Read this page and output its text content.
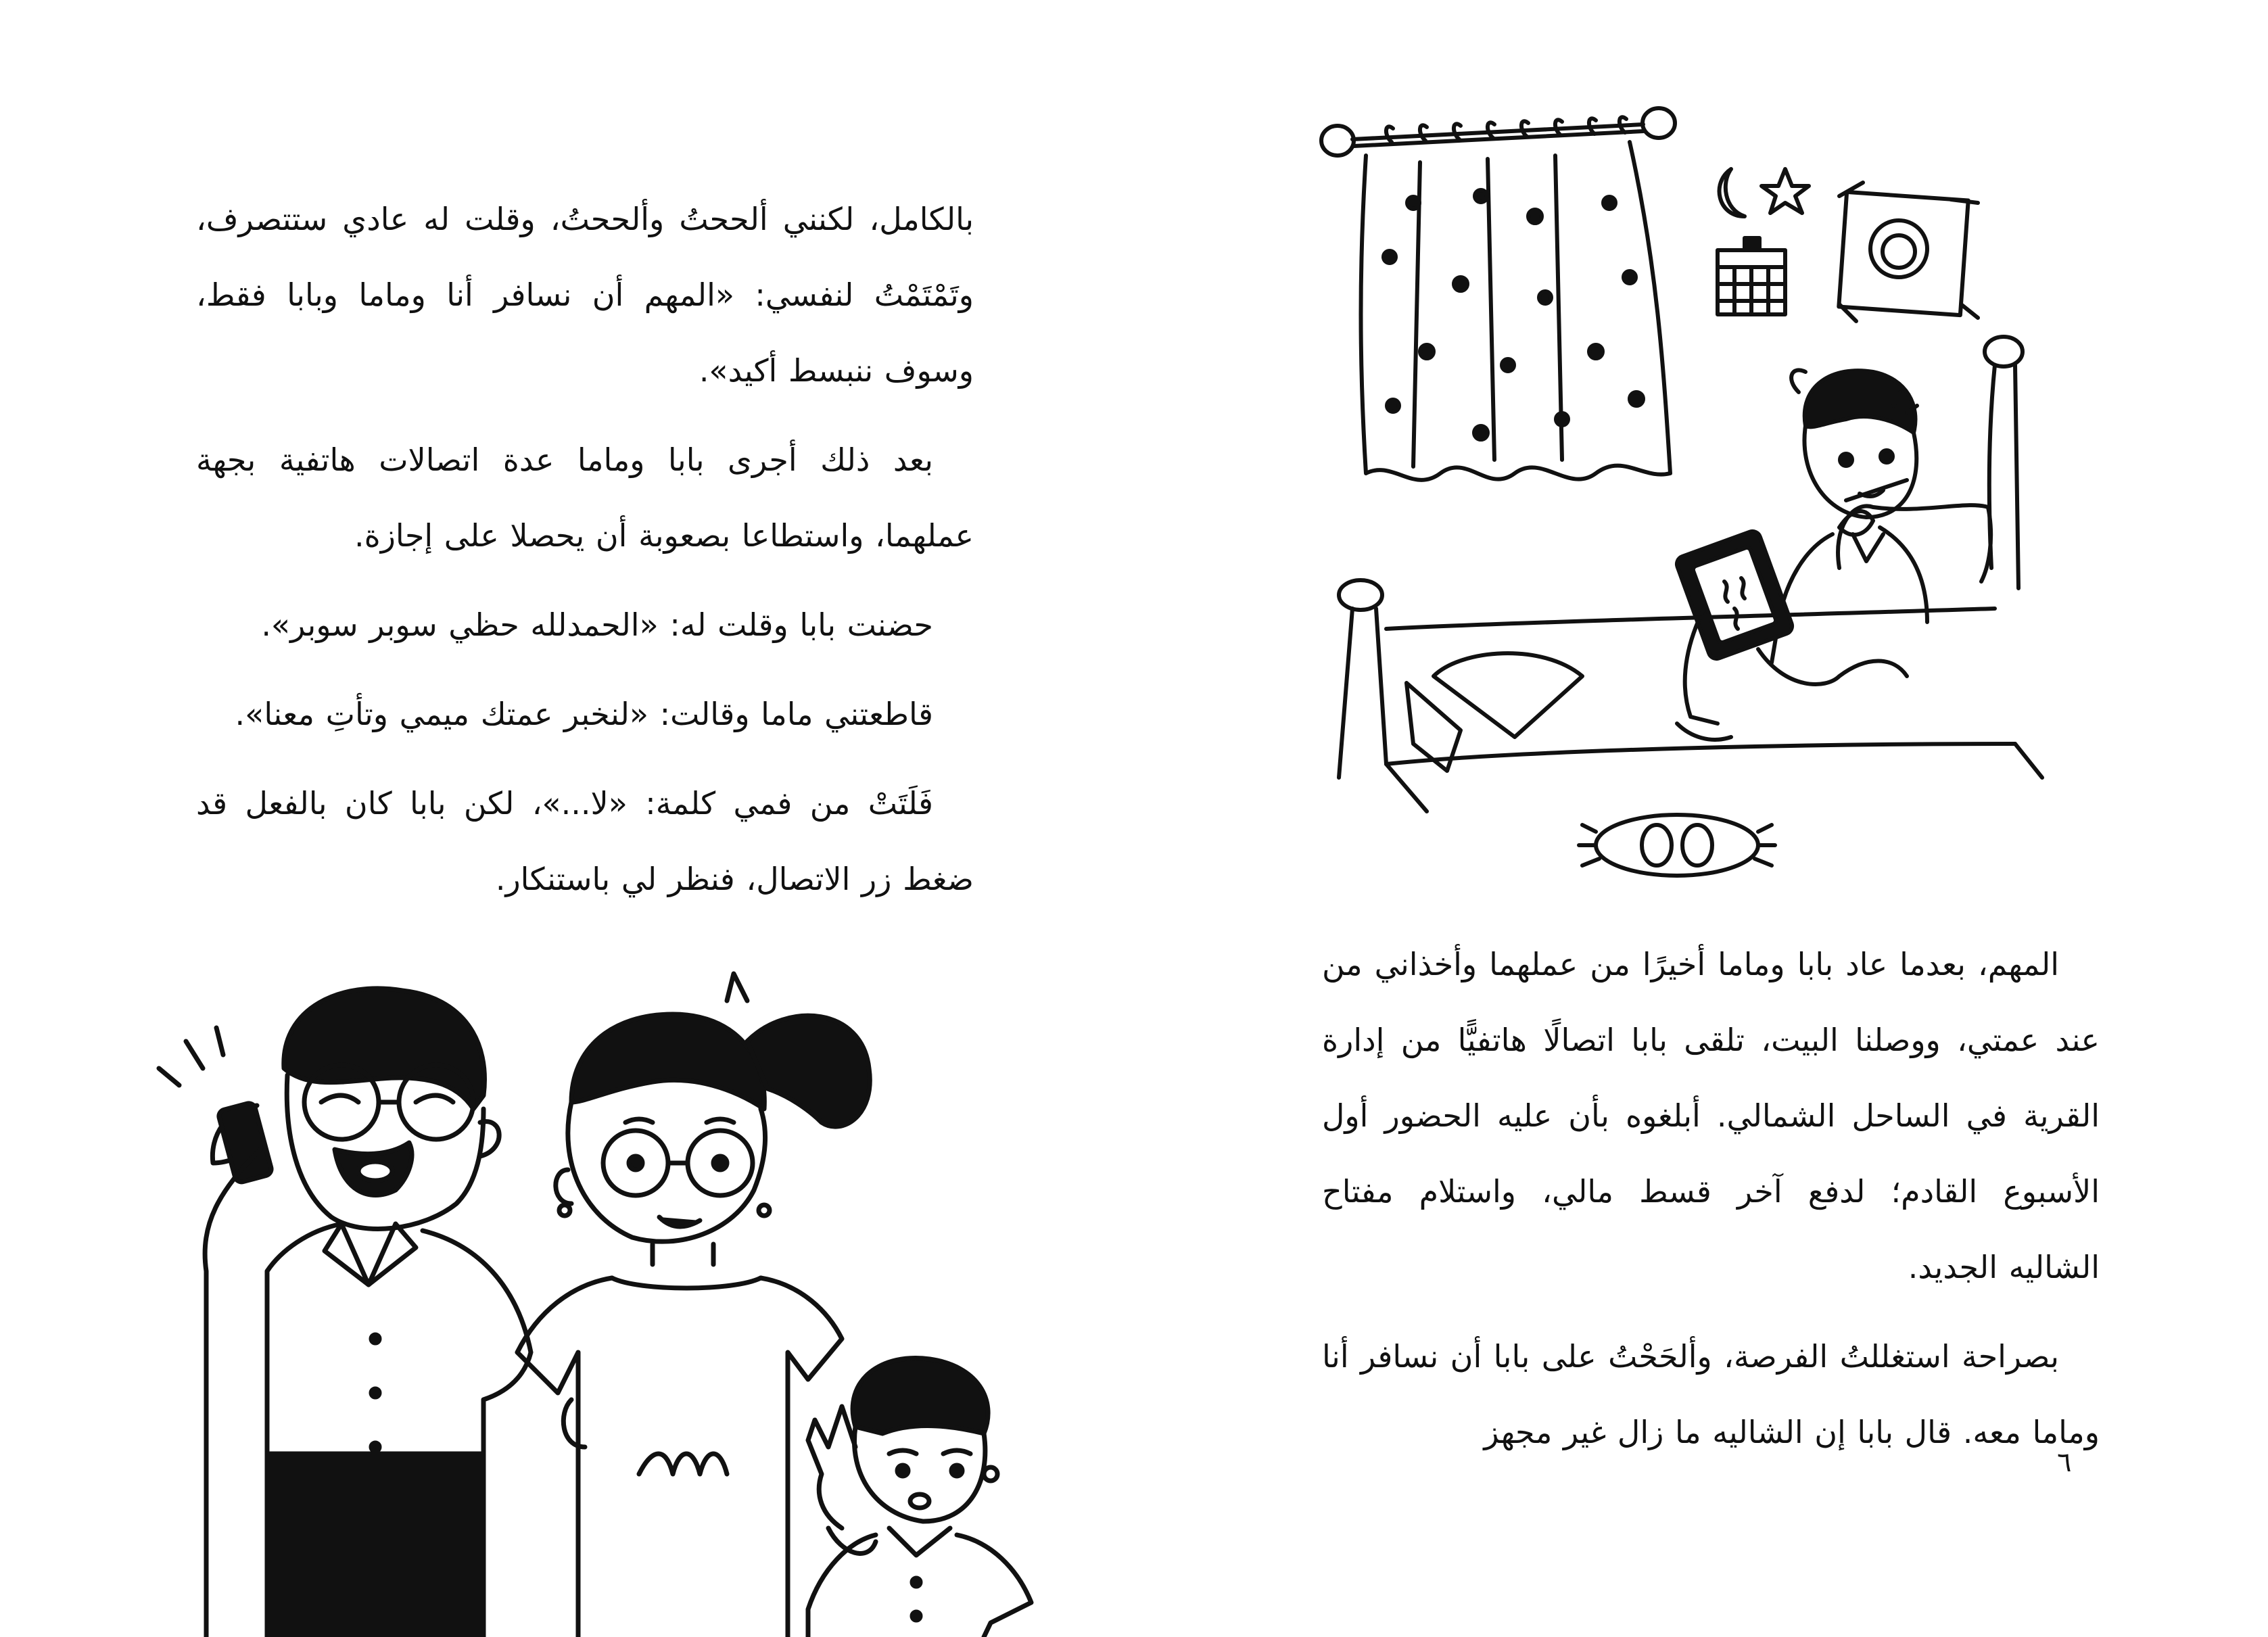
بالكامل، لكنني ألححتُ وألححتُ، وقلت له عادي ستتصرف، وتَمْتَمْتُ لنفسي: «المهم أن نسافر أنا وماما وبابا فقط، وسوف ننبسط أكيد».

بعد ذلك أجرى بابا وماما عدة اتصالات هاتفية بجهة عملهما، واستطاعا بصعوبة أن يحصلا على إجازة.

حضنت بابا وقلت له: «الحمدلله حظي سوبر سوبر».

قاطعتني ماما وقالت: «لنخبر عمتك ميمي وتأتِ معنا».

فَلَتَتْ من فمي كلمة: «لا...»، لكن بابا كان بالفعل قد ضغط زر الاتصال، فنظر لي باستنكار.

المهم، بعدما عاد بابا وماما أخيرًا من عملهما وأخذاني من عند عمتي، ووصلنا البيت، تلقى بابا اتصالًا هاتفيًّا من إدارة القرية في الساحل الشمالي. أبلغوه بأن عليه الحضور أول الأسبوع القادم؛ لدفع آخر قسط مالي، واستلام مفتاح الشاليه الجديد.

بصراحة استغللتُ الفرصة، وألحَحْتُ على بابا أن نسافر أنا وماما معه. قال بابا إن الشاليه ما زال غير مجهز

٦
